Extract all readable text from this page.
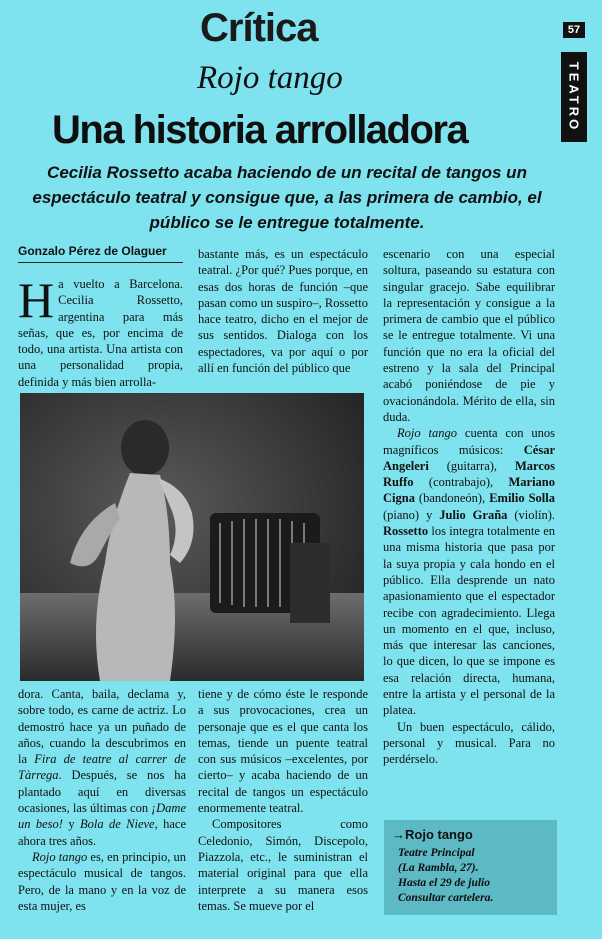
Crítica
Rojo tango
Una historia arrolladora
Cecilia Rossetto acaba haciendo de un recital de tangos un espectáculo teatral y consigue que, a las primera de cambio, el público se le entregue totalmente.
Gonzalo Pérez de Olaguer
57
TEATRO

Ha vuelto a Barcelona. Cecilia Rossetto, argentina para más señas, que es, por encima de todo, una artista. Una artista con una personalidad propia, definida y más bien arrolla-

bastante más, es un espectáculo teatral. ¿Por qué? Pues porque, en esas dos horas de función –que pasan como un suspiro–, Rossetto hace teatro, dicho en el mejor de sus sentidos. Dialoga con los espectadores, va por aquí o por allí en función del público que

dora. Canta, baila, declama y, sobre todo, es carne de actriz. Lo demostró hace ya un puñado de años, cuando la descubrimos en la Fira de teatre al carrer de Tàrrega. Después, se nos ha plantado aquí en diversas ocasiones, las últimas con ¡Dame un beso! y Bola de Nieve, hace ahora tres años.

Rojo tango es, en principio, un espectáculo musical de tangos. Pero, de la mano y en la voz de esta mujer, es

tiene y de cómo éste le responde a sus provocaciones, crea un personaje que es el que canta los temas, tiende un puente teatral con sus músicos –excelentes, por cierto– y acaba haciendo de un recital de tangos un espectáculo enormemente teatral.

Compositores como Celedonio, Simón, Discepolo, Piazzola, etc., le suministran el material original para que ella interprete a su manera esos temas. Se mueve por el

escenario con una especial soltura, paseando su estatura con singular gracejo. Sabe equilibrar la representación y consigue a la primera de cambio que el público se le entregue totalmente. Vi una función que no era la oficial del estreno y la sala del Principal acabó poniéndose de pie y ovacionándola. Mérito de ella, sin duda.

Rojo tango cuenta con unos magníficos músicos: César Angeleri (guitarra), Marcos Ruffo (contrabajo), Mariano Cigna (bandoneón), Emilio Solla (piano) y Julio Graña (violín). Rossetto los integra totalmente en una misma historia que pasa por la suya propia y cala hondo en el público. Ella desprende un nato apasionamiento que el espectador recibe con agradecimiento. Llega un momento en el que, incluso, más que interesar las canciones, lo que dicen, lo que se impone es esa relación directa, humana, entre la artista y el personal de la platea.

Un buen espectáculo, cálido, personal y musical. Para no perdérselo.

→Rojo tango
Teatre Principal
(La Rambla, 27).
Hasta el 29 de julio
Consultar cartelera.
